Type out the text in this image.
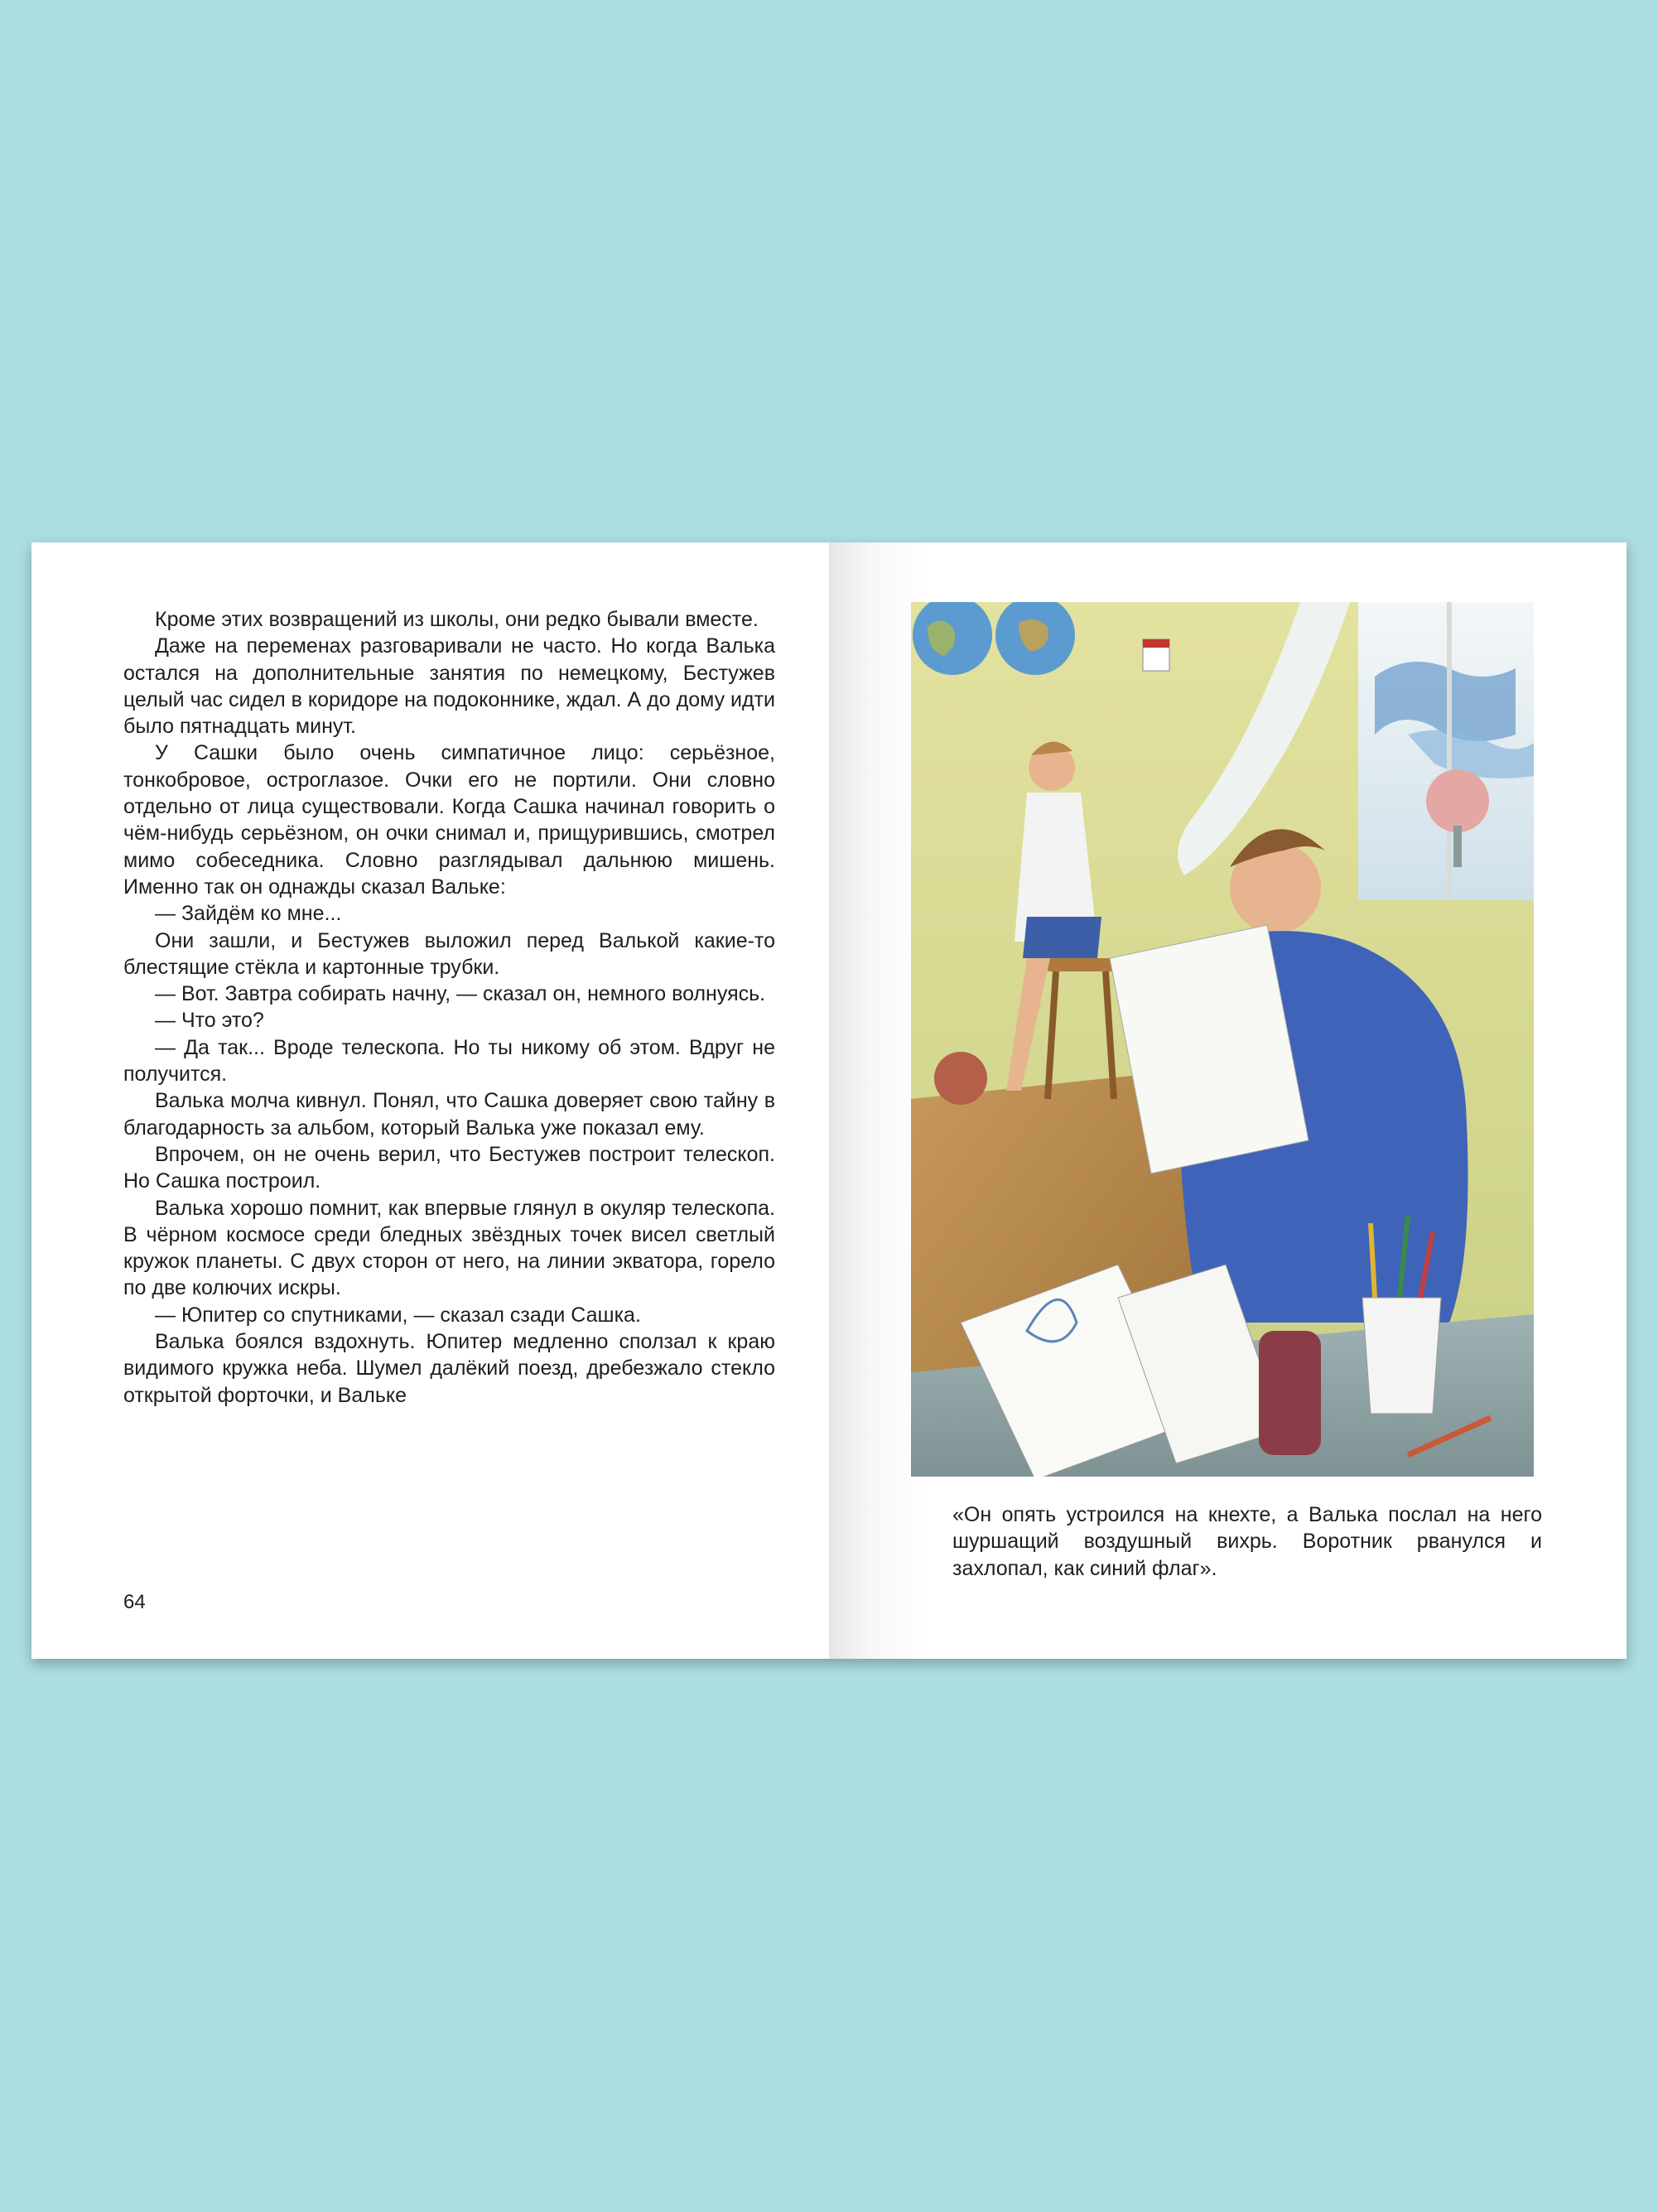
Кроме этих возвращений из школы, они редко бывали вместе.

Даже на переменах разговаривали не часто. Но когда Валька остался на дополнительные занятия по немецкому, Бестужев целый час сидел в коридоре на подоконнике, ждал. А до дому идти было пятнадцать минут.

У Сашки было очень симпатичное лицо: серьёзное, тонкобровое, остроглазое. Очки его не портили. Они словно отдельно от лица существовали. Когда Сашка начинал говорить о чём-нибудь серьёзном, он очки снимал и, прищурившись, смотрел мимо собеседника. Словно разглядывал дальнюю мишень. Именно так он однажды сказал Вальке:

— Зайдём ко мне...

Они зашли, и Бестужев выложил перед Валькой какие-то блестящие стёкла и картонные трубки.

— Вот. Завтра собирать начну, — сказал он, немного волнуясь.

— Что это?

— Да так... Вроде телескопа. Но ты никому об этом. Вдруг не получится.

Валька молча кивнул. Понял, что Сашка доверяет свою тайну в благодарность за альбом, который Валька уже показал ему.

Впрочем, он не очень верил, что Бестужев построит телескоп. Но Сашка построил.

Валька хорошо помнит, как впервые глянул в окуляр телескопа. В чёрном космосе среди бледных звёздных точек висел светлый кружок планеты. С двух сторон от него, на линии экватора, горело по две колючих искры.

— Юпитер со спутниками, — сказал сзади Сашка.

Валька боялся вздохнуть. Юпитер медленно сползал к краю видимого кружка неба. Шумел далёкий поезд, дребезжало стекло открытой форточки, и Вальке

64

«Он опять устроился на кнехте, а Валька послал на него шуршащий воздушный вихрь. Воротник рванулся и захлопал, как синий флаг».
